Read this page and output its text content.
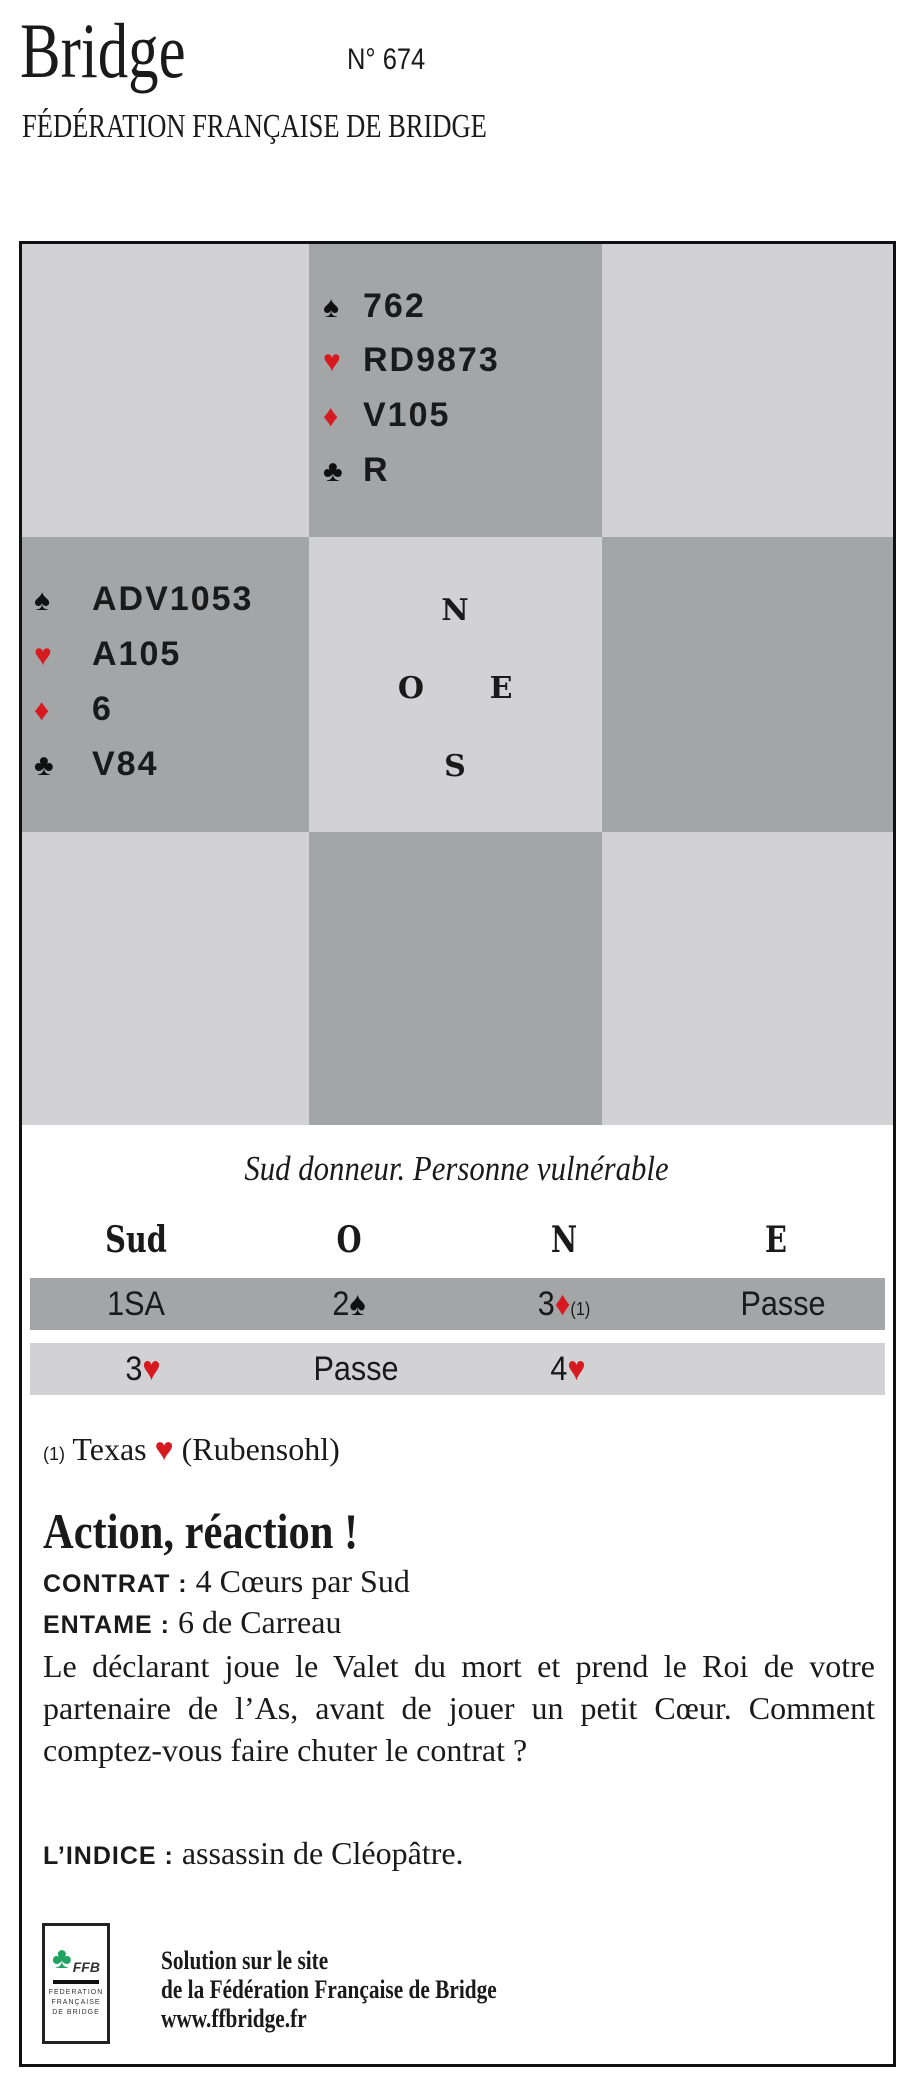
Bridge	N° 674
FÉDÉRATION FRANÇAISE DE BRIDGE
♠ 762
♥ RD9873
♦ V105
♣ R
♠ ADV1053
♥ A105
♦ 6
♣ V84
N
O E
S
Sud donneur. Personne vulnérable
Sud	O	N	E
1SA	2♠	3♦(1)	Passe
3♥	Passe	4♥
(1) Texas ♥ (Rubensohl)
Action, réaction !
CONTRAT : 4 Cœurs par Sud
ENTAME : 6 de Carreau
Le déclarant joue le Valet du mort et prend le Roi de votre partenaire de l’As, avant de jouer un petit Cœur. Comment comptez-vous faire chuter le contrat ?
L’INDICE : assassin de Cléopâtre.
♣ FFB
FEDERATION
FRANÇAISE
DE BRIDGE
Solution sur le site
de la Fédération Française de Bridge
www.ffbridge.fr
